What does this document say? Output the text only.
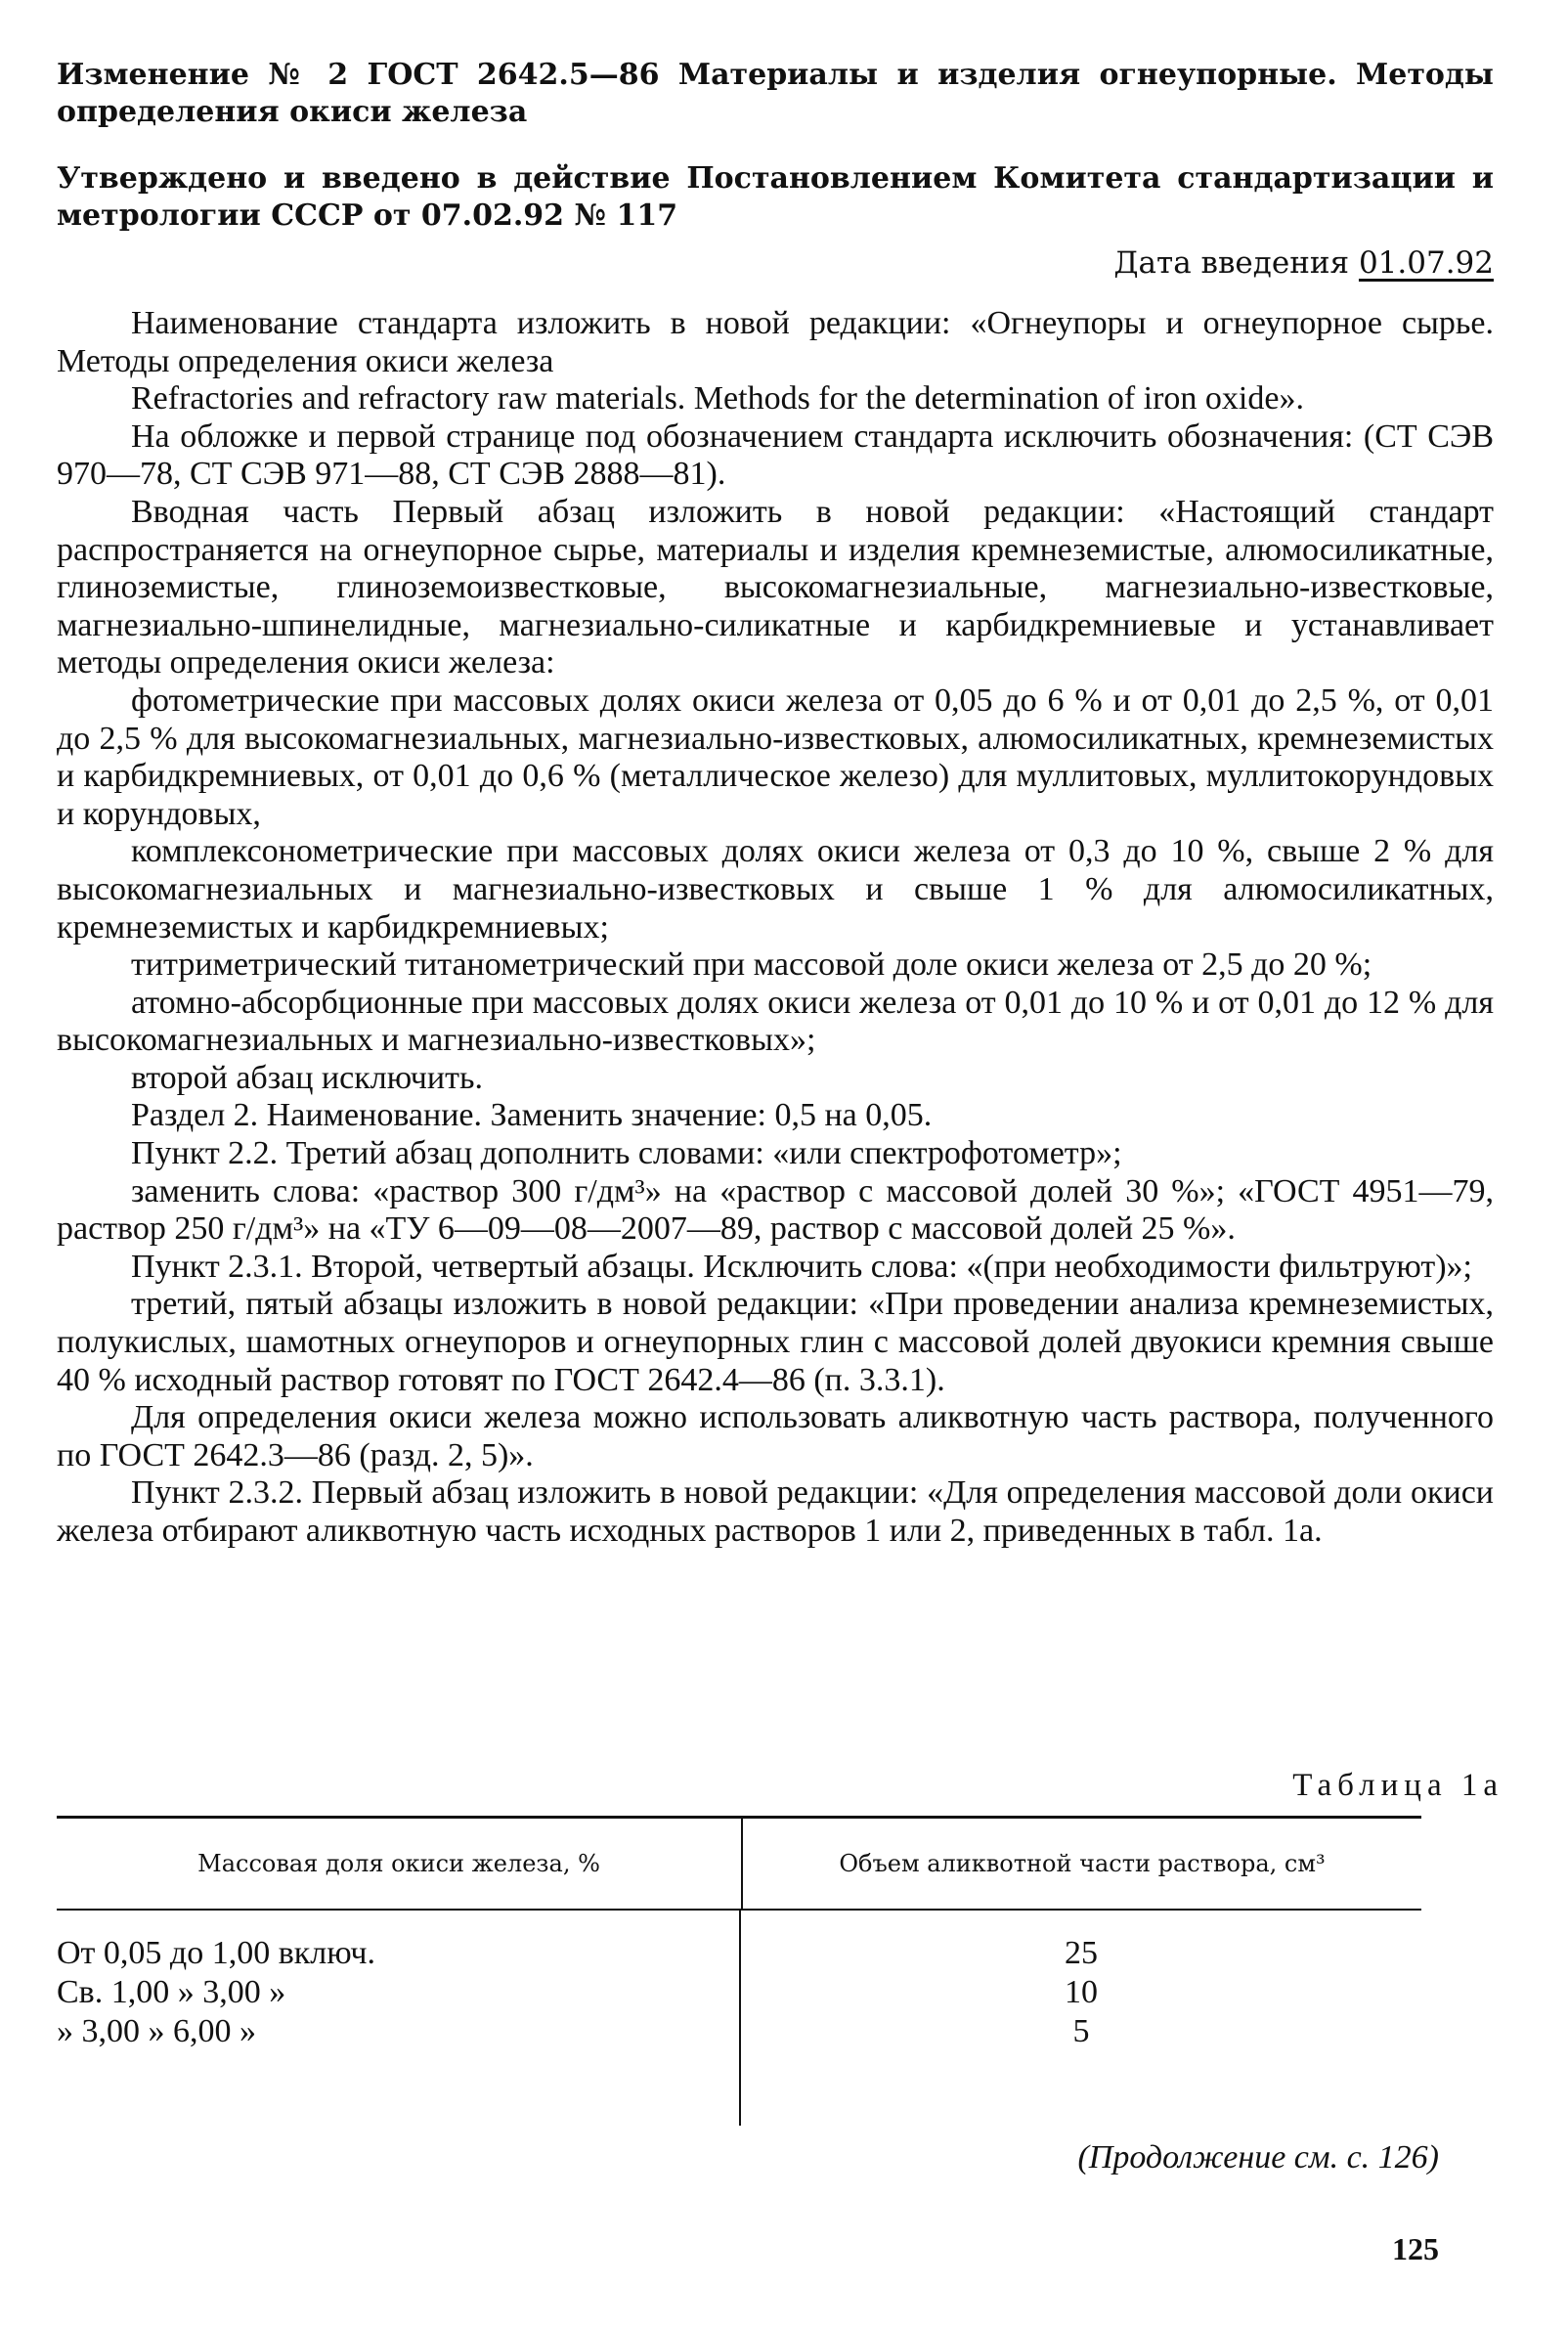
Изменение № 2 ГОСТ 2642.5—86 Материалы и изделия огнеупорные. Методы определения окиси железа

Утверждено и введено в действие Постановлением Комитета стандартизации и метрологии СССР от 07.02.92 № 117

Дата введения 01.07.92

Наименование стандарта изложить в новой редакции: «Огнеупоры и огнеупорное сырье. Методы определения окиси железа

Refractories and refractory raw materials. Methods for the determination of iron oxide».

На обложке и первой странице под обозначением стандарта исключить обозначения: (СТ СЭВ 970—78, СТ СЭВ 971—88, СТ СЭВ 2888—81).

Вводная часть Первый абзац изложить в новой редакции: «Настоящий стандарт распространяется на огнеупорное сырье, материалы и изделия кремнеземистые, алюмосиликатные, глиноземистые, глиноземоизвестковые, высокомагнезиальные, магнезиально-известковые, магнезиально-шпинелидные, магнезиально-силикатные и карбидкремниевые и устанавливает методы определения окиси железа:

фотометрические при массовых долях окиси железа от 0,05 до 6 % и от 0,01 до 2,5 %, от 0,01 до 2,5 % для высокомагнезиальных, магнезиально-известковых, алюмосиликатных, кремнеземистых и карбидкремниевых, от 0,01 до 0,6 % (металлическое железо) для муллитовых, муллитокорундовых и корундовых,

комплексонометрические при массовых долях окиси железа от 0,3 до 10 %, свыше 2 % для высокомагнезиальных и магнезиально-известковых и свыше 1 % для алюмосиликатных, кремнеземистых и карбидкремниевых;

титриметрический титанометрический при массовой доле окиси железа от 2,5 до 20 %;

атомно-абсорбционные при массовых долях окиси железа от 0,01 до 10 % и от 0,01 до 12 % для высокомагнезиальных и магнезиально-известковых»;

второй абзац исключить.

Раздел 2. Наименование. Заменить значение: 0,5 на 0,05.

Пункт 2.2. Третий абзац дополнить словами: «или спектрофотометр»;

заменить слова: «раствор 300 г/дм³» на «раствор с массовой долей 30 %»; «ГОСТ 4951—79, раствор 250 г/дм³» на «ТУ 6—09—08—2007—89, раствор с массовой долей 25 %».

Пункт 2.3.1. Второй, четвертый абзацы. Исключить слова: «(при необходимости фильтруют)»;

третий, пятый абзацы изложить в новой редакции: «При проведении анализа кремнеземистых, полукислых, шамотных огнеупоров и огнеупорных глин с массовой долей двуокиси кремния свыше 40 % исходный раствор готовят по ГОСТ 2642.4—86 (п. 3.3.1).

Для определения окиси железа можно использовать аликвотную часть раствора, полученного по ГОСТ 2642.3—86 (разд. 2, 5)».

Пункт 2.3.2. Первый абзац изложить в новой редакции: «Для определения массовой доли окиси железа отбирают аликвотную часть исходных растворов 1 или 2, приведенных в табл. 1а.

Таблица 1а
Массовая доля окиси железа, %	Объем аликвотной части раствора, см³
От 0,05 до 1,00 включ.
Св. 1,00 » 3,00 »
» 3,00 » 6,00 »
25
10
5
(Продолжение см. с. 126)
125
